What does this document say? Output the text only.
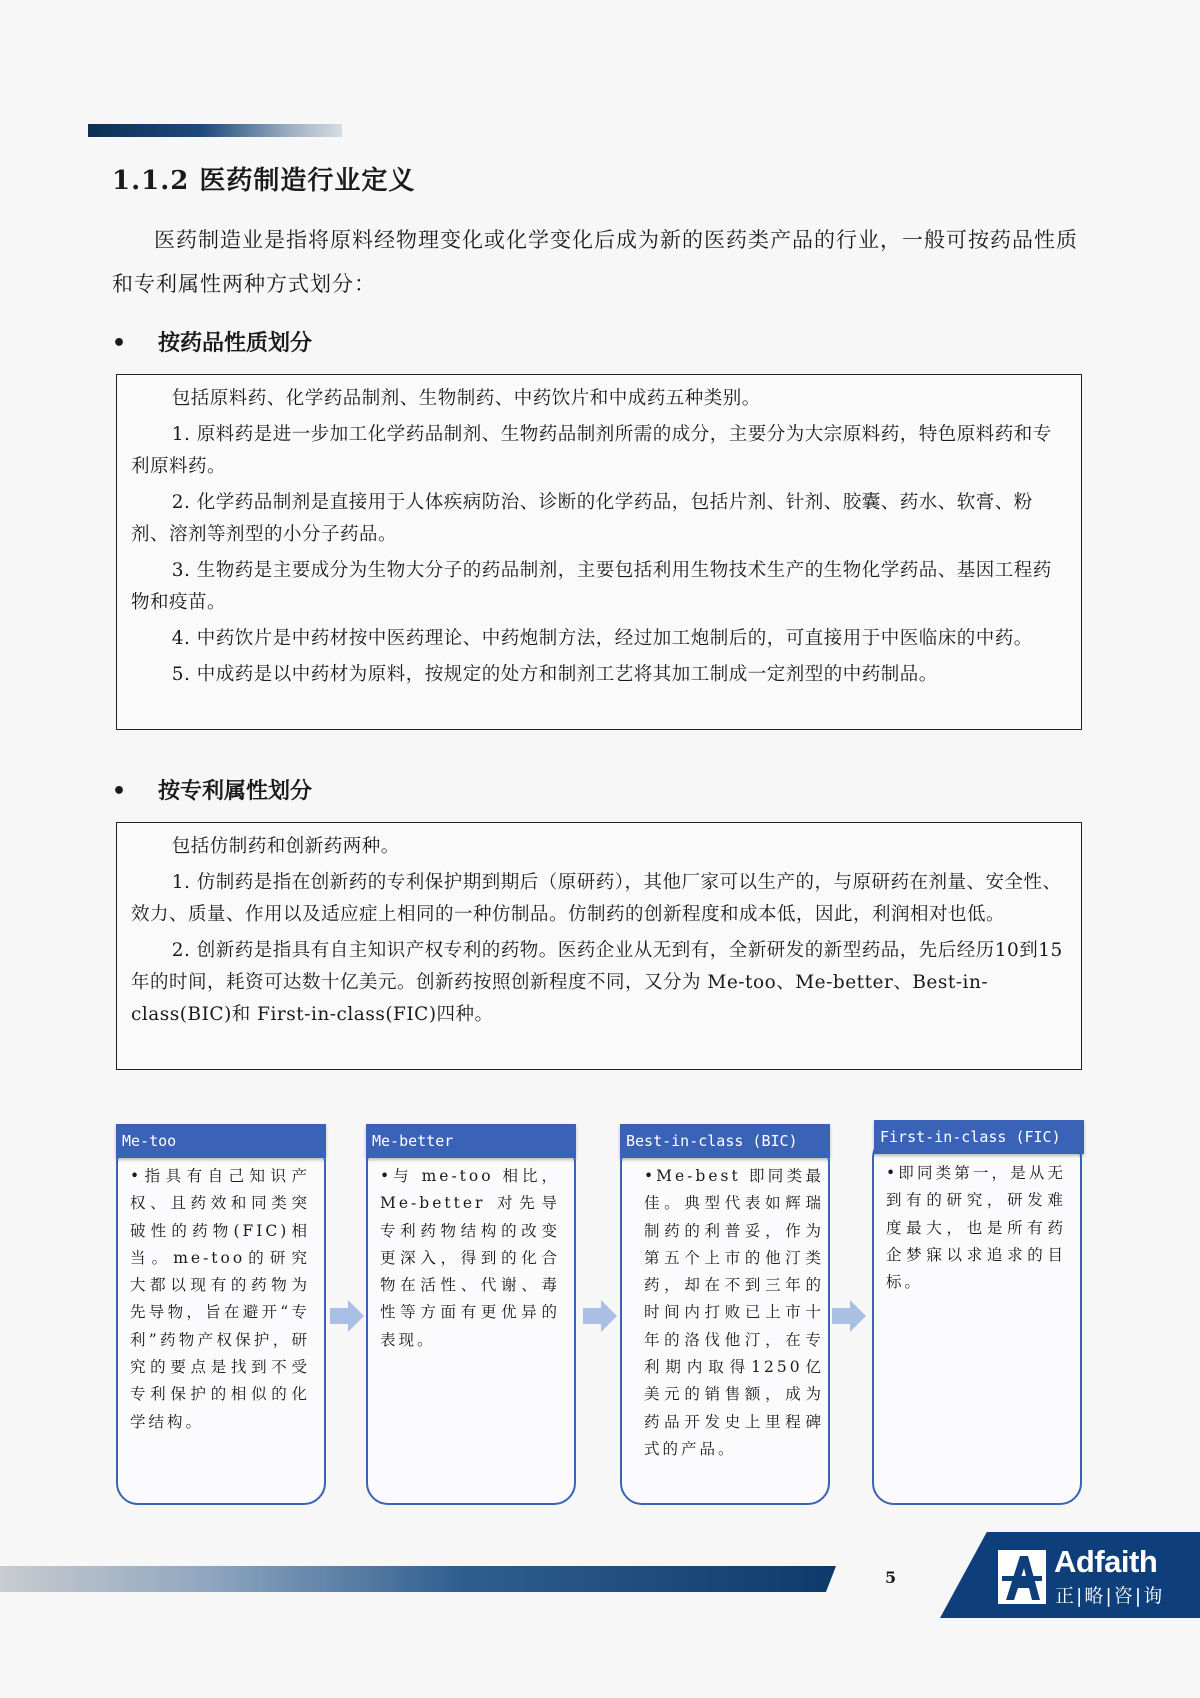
1.1.2 医药制造行业定义

医药制造业是指将原料经物理变化或化学变化后成为新的医药类产品的行业，一般可按药品性质和专利属性两种方式划分：

• 按药品性质划分

包括原料药、化学药品制剂、生物制药、中药饮片和中成药五种类别。

1. 原料药是进一步加工化学药品制剂、生物药品制剂所需的成分，主要分为大宗原料药，特色原料药和专利原料药。

2. 化学药品制剂是直接用于人体疾病防治、诊断的化学药品，包括片剂、针剂、胶囊、药水、软膏、粉剂、溶剂等剂型的小分子药品。

3. 生物药是主要成分为生物大分子的药品制剂，主要包括利用生物技术生产的生物化学药品、基因工程药物和疫苗。

4. 中药饮片是中药材按中医药理论、中药炮制方法，经过加工炮制后的，可直接用于中医临床的中药。

5. 中成药是以中药材为原料，按规定的处方和制剂工艺将其加工制成一定剂型的中药制品。

• 按专利属性划分

包括仿制药和创新药两种。

1. 仿制药是指在创新药的专利保护期到期后（原研药），其他厂家可以生产的，与原研药在剂量、安全性、效力、质量、作用以及适应症上相同的一种仿制品。仿制药的创新程度和成本低，因此，利润相对也低。

2. 创新药是指具有自主知识产权专利的药物。医药企业从无到有，全新研发的新型药品，先后经历10到15年的时间，耗资可达数十亿美元。创新药按照创新程度不同，又分为 Me-too、Me-better、Best-in-class(BIC)和 First-in-class(FIC)四种。

Me-too
•指具有自己知识产权、且药效和同类突破性的药物(FIC)相当。me-too的研究大都以现有的药物为先导物，旨在避开“专利”药物产权保护，研究的要点是找到不受专利保护的相似的化学结构。
Me-better
•与 me-too 相比，Me-better 对先导专利药物结构的改变更深入，得到的化合物在活性、代谢、毒性等方面有更优异的表现。
Best-in-class (BIC)
•Me-best 即同类最佳。典型代表如辉瑞制药的利普妥，作为第五个上市的他汀类药，却在不到三年的时间内打败已上市十年的洛伐他汀，在专利期内取得1250亿美元的销售额，成为药品开发史上里程碑式的产品。
First-in-class (FIC)
•即同类第一，是从无到有的研究，研发难度最大，也是所有药企梦寐以求追求的目标。
5	Adfaith
正|略|咨|询
